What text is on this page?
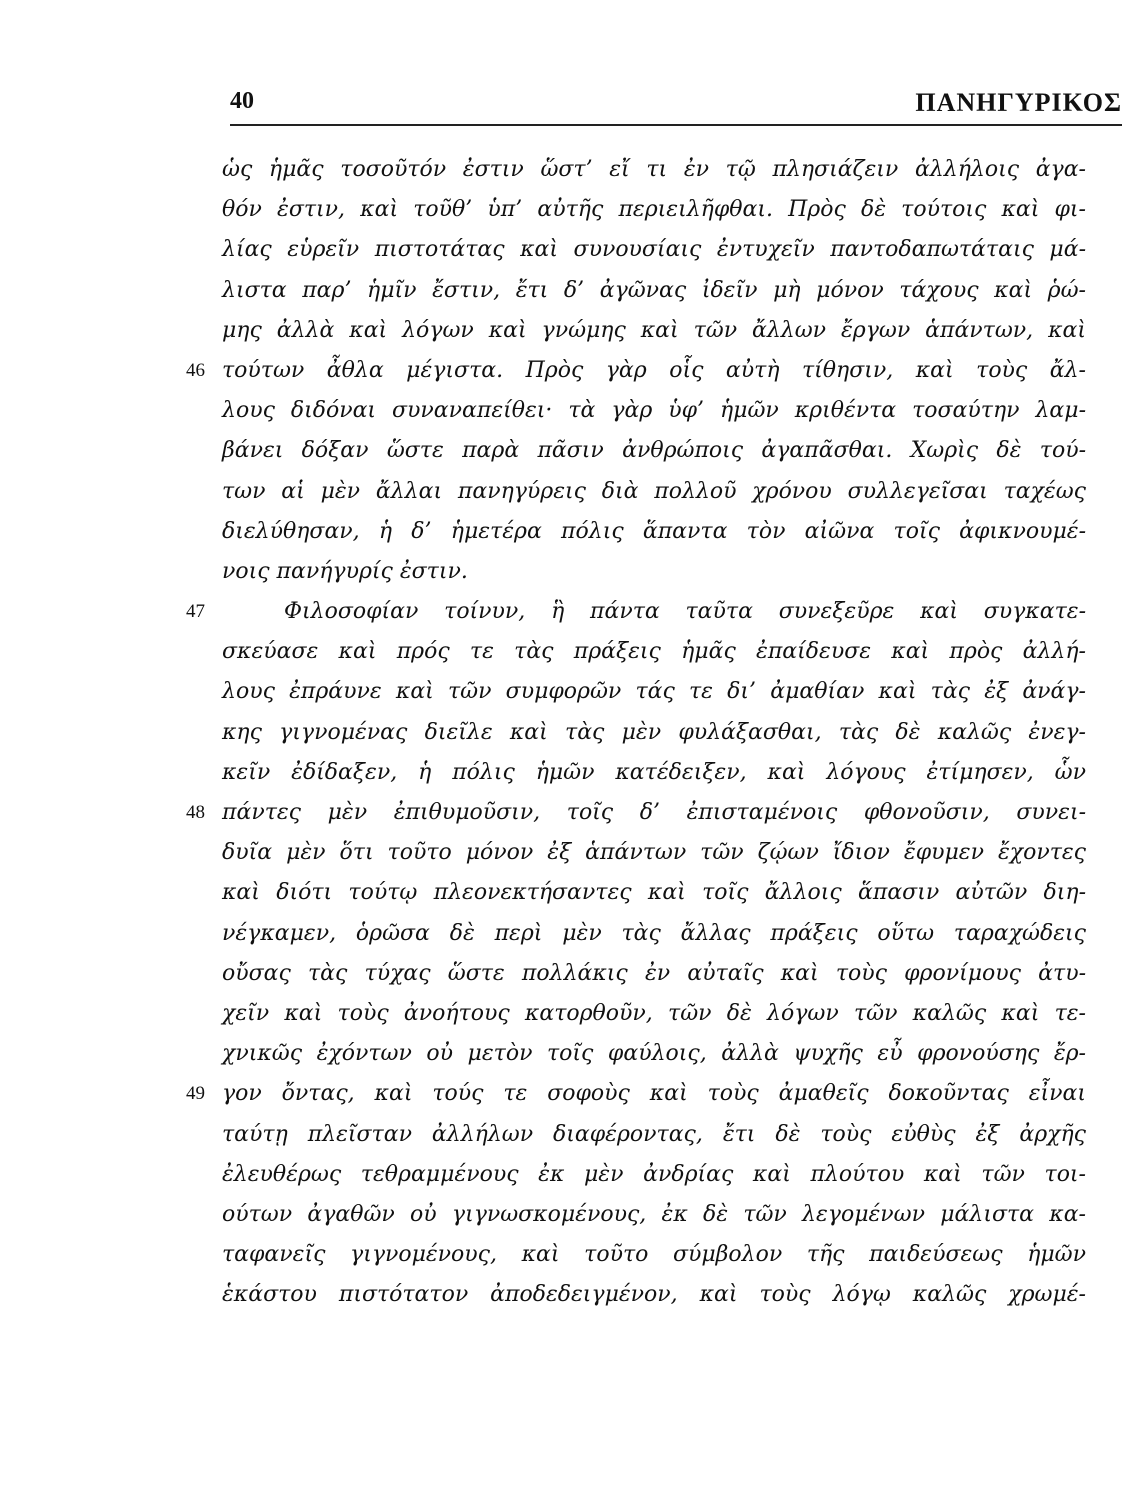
40	ΠΑΝΗΓΥΡΙΚΟΣ
ὡς ἡμᾶς τοσοῦτόν ἐστιν ὥστ’ εἴ τι ἐν τῷ πλησιάζειν ἀλλήλοις ἀγα-
θόν ἐστιν, καὶ τοῦθ’ ὑπ’ αὐτῆς περιειλῆφθαι. Πρὸς δὲ τούτοις καὶ φι-
λίας εὑρεῖν πιστοτάτας καὶ συνουσίαις ἐντυχεῖν παντοδαπωτάταις μά-
λιστα παρ’ ἡμῖν ἔστιν, ἔτι δ’ ἀγῶνας ἰδεῖν μὴ μόνον τάχους καὶ ῥώ-
μης ἀλλὰ καὶ λόγων καὶ γνώμης καὶ τῶν ἄλλων ἔργων ἁπάντων, καὶ
46 τούτων ἆθλα μέγιστα. Πρὸς γὰρ οἷς αὐτὴ τίθησιν, καὶ τοὺς ἄλ-
λους διδόναι συναναπείθει· τὰ γὰρ ὑφ’ ἡμῶν κριθέντα τοσαύτην λαμ-
βάνει δόξαν ὥστε παρὰ πᾶσιν ἀνθρώποις ἀγαπᾶσθαι. Χωρὶς δὲ τού-
των αἱ μὲν ἄλλαι πανηγύρεις διὰ πολλοῦ χρόνου συλλεγεῖσαι ταχέως
διελύθησαν, ἡ δ’ ἡμετέρα πόλις ἅπαντα τὸν αἰῶνα τοῖς ἀφικνουμέ-
νοις πανήγυρίς ἐστιν.
47	Φιλοσοφίαν τοίνυν, ἣ πάντα ταῦτα συνεξεῦρε καὶ συγκατε-
σκεύασε καὶ πρός τε τὰς πράξεις ἡμᾶς ἐπαίδευσε καὶ πρὸς ἀλλή-
λους ἐπράυνε καὶ τῶν συμφορῶν τάς τε δι’ ἀμαθίαν καὶ τὰς ἐξ ἀνάγ-
κης γιγνομένας διεῖλε καὶ τὰς μὲν φυλάξασθαι, τὰς δὲ καλῶς ἐνεγ-
κεῖν ἐδίδαξεν, ἡ πόλις ἡμῶν κατέδειξεν, καὶ λόγους ἐτίμησεν, ὧν
48 πάντες μὲν ἐπιθυμοῦσιν, τοῖς δ’ ἐπισταμένοις φθονοῦσιν, συνει-
δυῖα μὲν ὅτι τοῦτο μόνον ἐξ ἁπάντων τῶν ζῴων ἴδιον ἔφυμεν ἔχοντες
καὶ διότι τούτῳ πλεονεκτήσαντες καὶ τοῖς ἄλλοις ἅπασιν αὐτῶν διη-
νέγκαμεν, ὁρῶσα δὲ περὶ μὲν τὰς ἄλλας πράξεις οὕτω ταραχώδεις
οὔσας τὰς τύχας ὥστε πολλάκις ἐν αὐταῖς καὶ τοὺς φρονίμους ἀτυ-
χεῖν καὶ τοὺς ἀνοήτους κατορθοῦν, τῶν δὲ λόγων τῶν καλῶς καὶ τε-
χνικῶς ἐχόντων οὐ μετὸν τοῖς φαύλοις, ἀλλὰ ψυχῆς εὖ φρονούσης ἔρ-
49 γον ὄντας, καὶ τούς τε σοφοὺς καὶ τοὺς ἀμαθεῖς δοκοῦντας εἶναι
ταύτῃ πλεῖσταν ἀλλήλων διαφέροντας, ἔτι δὲ τοὺς εὐθὺς ἐξ ἀρχῆς
ἐλευθέρως τεθραμμένους ἐκ μὲν ἀνδρίας καὶ πλούτου καὶ τῶν τοι-
ούτων ἀγαθῶν οὐ γιγνωσκομένους, ἐκ δὲ τῶν λεγομένων μάλιστα κα-
ταφανεῖς γιγνομένους, καὶ τοῦτο σύμβολον τῆς παιδεύσεως ἡμῶν
ἑκάστου πιστότατον ἀποδεδειγμένον, καὶ τοὺς λόγῳ καλῶς χρωμέ-
